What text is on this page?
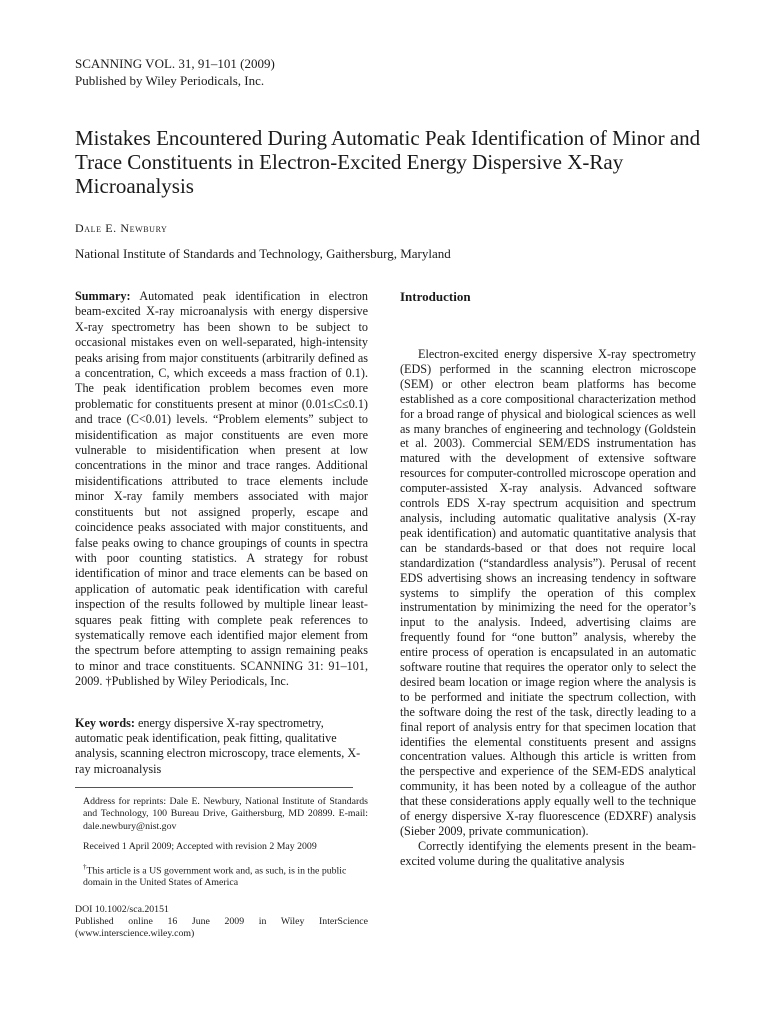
SCANNING VOL. 31, 91–101 (2009)
Published by Wiley Periodicals, Inc.
Mistakes Encountered During Automatic Peak Identification of Minor and Trace Constituents in Electron-Excited Energy Dispersive X-Ray Microanalysis
Dale E. Newbury
National Institute of Standards and Technology, Gaithersburg, Maryland

Summary: Automated peak identification in electron beam-excited X-ray microanalysis with energy dispersive X-ray spectrometry has been shown to be subject to occasional mistakes even on well-separated, high-intensity peaks arising from major constituents (arbitrarily defined as a concentration, C, which exceeds a mass fraction of 0.1). The peak identification problem becomes even more problematic for constituents present at minor (0.01≤C≤0.1) and trace (C<0.01) levels. “Problem elements” subject to misidentification as major constituents are even more vulnerable to misidentification when present at low concentrations in the minor and trace ranges. Additional misidentifications attributed to trace elements include minor X-ray family members associated with major constituents but not assigned properly, escape and coincidence peaks associated with major constituents, and false peaks owing to chance groupings of counts in spectra with poor counting statistics. A strategy for robust identification of minor and trace elements can be based on application of automatic peak identification with careful inspection of the results followed by multiple linear least-squares peak fitting with complete peak references to systematically remove each identified major element from the spectrum before attempting to assign remaining peaks to minor and trace constituents. SCANNING 31: 91–101, 2009. †Published by Wiley Periodicals, Inc.

Key words: energy dispersive X-ray spectrometry, automatic peak identification, peak fitting, qualitative analysis, scanning electron microscopy, trace elements, X-ray microanalysis

Address for reprints: Dale E. Newbury, National Institute of Standards and Technology, 100 Bureau Drive, Gaithersburg, MD 20899. E-mail: dale.newbury@nist.gov

Received 1 April 2009; Accepted with revision 2 May 2009

†This article is a US government work and, as such, is in the public domain in the United States of America

DOI 10.1002/sca.20151

Published online 16 June 2009 in Wiley InterScience (www.interscience.wiley.com)

Introduction

Electron-excited energy dispersive X-ray spectrometry (EDS) performed in the scanning electron microscope (SEM) or other electron beam platforms has become established as a core compositional characterization method for a broad range of physical and biological sciences as well as many branches of engineering and technology (Goldstein et al. 2003). Commercial SEM/EDS instrumentation has matured with the development of extensive software resources for computer-controlled microscope operation and computer-assisted X-ray analysis. Advanced software controls EDS X-ray spectrum acquisition and spectrum analysis, including automatic qualitative analysis (X-ray peak identification) and automatic quantitative analysis that can be standards-based or that does not require local standardization (“standardless analysis”). Perusal of recent EDS advertising shows an increasing tendency in software systems to simplify the operation of this complex instrumentation by minimizing the need for the operator’s input to the analysis. Indeed, advertising claims are frequently found for “one button” analysis, whereby the entire process of operation is encapsulated in an automatic software routine that requires the operator only to select the desired beam location or image region where the analysis is to be performed and initiate the spectrum collection, with the software doing the rest of the task, directly leading to a final report of analysis entry for that specimen location that identifies the elemental constituents present and assigns concentration values. Although this article is written from the perspective and experience of the SEM-EDS analytical community, it has been noted by a colleague of the author that these considerations apply equally well to the technique of energy dispersive X-ray fluorescence (EDXRF) analysis (Sieber 2009, private communication).

Correctly identifying the elements present in the beam-excited volume during the qualitative analysis
